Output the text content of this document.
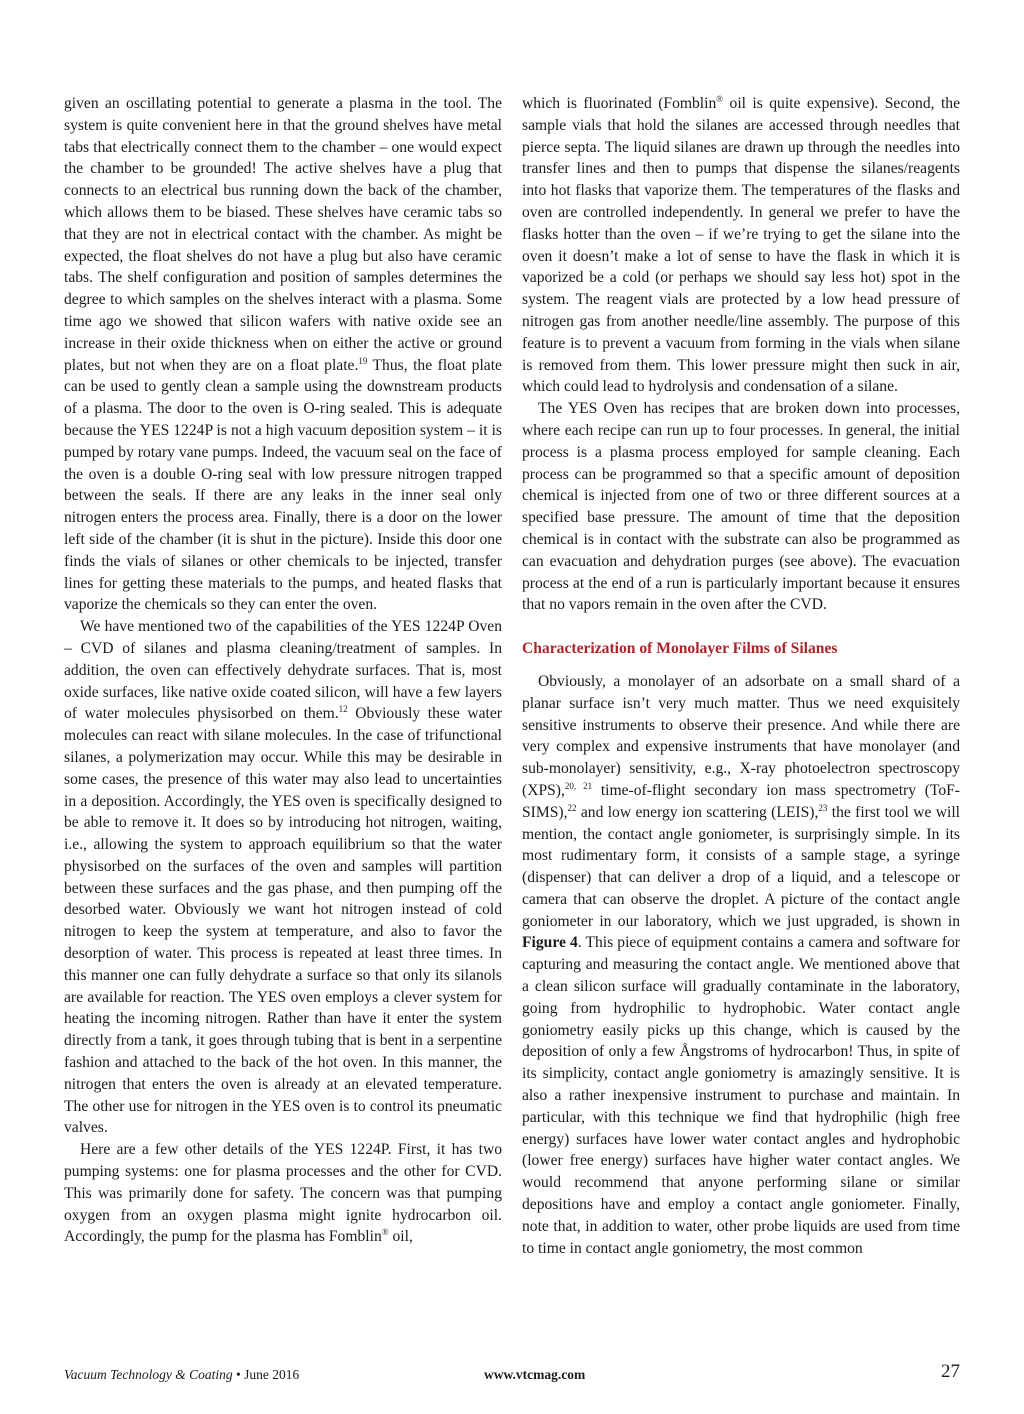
given an oscillating potential to generate a plasma in the tool. The system is quite convenient here in that the ground shelves have metal tabs that electrically connect them to the chamber – one would expect the chamber to be grounded! The active shelves have a plug that connects to an electrical bus running down the back of the chamber, which allows them to be biased. These shelves have ceramic tabs so that they are not in electrical contact with the chamber. As might be expected, the float shelves do not have a plug but also have ceramic tabs. The shelf configuration and position of samples determines the degree to which samples on the shelves interact with a plasma. Some time ago we showed that silicon wafers with native oxide see an increase in their oxide thickness when on either the active or ground plates, but not when they are on a float plate.$^{19}$ Thus, the float plate can be used to gently clean a sample using the downstream products of a plasma. The door to the oven is O-ring sealed. This is adequate because the YES 1224P is not a high vacuum deposition system – it is pumped by rotary vane pumps. Indeed, the vacuum seal on the face of the oven is a double O-ring seal with low pressure nitrogen trapped between the seals. If there are any leaks in the inner seal only nitrogen enters the process area. Finally, there is a door on the lower left side of the chamber (it is shut in the picture). Inside this door one finds the vials of silanes or other chemicals to be injected, transfer lines for getting these materials to the pumps, and heated flasks that vaporize the chemicals so they can enter the oven.

We have mentioned two of the capabilities of the YES 1224P Oven – CVD of silanes and plasma cleaning/treatment of samples. In addition, the oven can effectively dehydrate surfaces. That is, most oxide surfaces, like native oxide coated silicon, will have a few layers of water molecules physisorbed on them.$^{12}$ Obviously these water molecules can react with silane molecules. In the case of trifunctional silanes, a polymerization may occur. While this may be desirable in some cases, the presence of this water may also lead to uncertainties in a deposition. Accordingly, the YES oven is specifically designed to be able to remove it. It does so by introducing hot nitrogen, waiting, i.e., allowing the system to approach equilibrium so that the water physisorbed on the surfaces of the oven and samples will partition between these surfaces and the gas phase, and then pumping off the desorbed water. Obviously we want hot nitrogen instead of cold nitrogen to keep the system at temperature, and also to favor the desorption of water. This process is repeated at least three times. In this manner one can fully dehydrate a surface so that only its silanols are available for reaction. The YES oven employs a clever system for heating the incoming nitrogen. Rather than have it enter the system directly from a tank, it goes through tubing that is bent in a serpentine fashion and attached to the back of the hot oven. In this manner, the nitrogen that enters the oven is already at an elevated temperature. The other use for nitrogen in the YES oven is to control its pneumatic valves.

Here are a few other details of the YES 1224P. First, it has two pumping systems: one for plasma processes and the other for CVD. This was primarily done for safety. The concern was that pumping oxygen from an oxygen plasma might ignite hydrocarbon oil. Accordingly, the pump for the plasma has Fomblin® oil,

which is fluorinated (Fomblin® oil is quite expensive). Second, the sample vials that hold the silanes are accessed through needles that pierce septa. The liquid silanes are drawn up through the needles into transfer lines and then to pumps that dispense the silanes/reagents into hot flasks that vaporize them. The temperatures of the flasks and oven are controlled independently. In general we prefer to have the flasks hotter than the oven – if we’re trying to get the silane into the oven it doesn’t make a lot of sense to have the flask in which it is vaporized be a cold (or perhaps we should say less hot) spot in the system. The reagent vials are protected by a low head pressure of nitrogen gas from another needle/line assembly. The purpose of this feature is to prevent a vacuum from forming in the vials when silane is removed from them. This lower pressure might then suck in air, which could lead to hydrolysis and condensation of a silane.

The YES Oven has recipes that are broken down into processes, where each recipe can run up to four processes. In general, the initial process is a plasma process employed for sample cleaning. Each process can be programmed so that a specific amount of deposition chemical is injected from one of two or three different sources at a specified base pressure. The amount of time that the deposition chemical is in contact with the substrate can also be programmed as can evacuation and dehydration purges (see above). The evacuation process at the end of a run is particularly important because it ensures that no vapors remain in the oven after the CVD.

Characterization of Monolayer Films of Silanes

Obviously, a monolayer of an adsorbate on a small shard of a planar surface isn’t very much matter. Thus we need exquisitely sensitive instruments to observe their presence. And while there are very complex and expensive instruments that have monolayer (and sub-monolayer) sensitivity, e.g., X-ray photoelectron spectroscopy (XPS),$^{20, 21}$ time-of-flight secondary ion mass spectrometry (ToF-SIMS),$^{22}$ and low energy ion scattering (LEIS),$^{23}$ the first tool we will mention, the contact angle goniometer, is surprisingly simple. In its most rudimentary form, it consists of a sample stage, a syringe (dispenser) that can deliver a drop of a liquid, and a telescope or camera that can observe the droplet. A picture of the contact angle goniometer in our laboratory, which we just upgraded, is shown in Figure 4. This piece of equipment contains a camera and software for capturing and measuring the contact angle. We mentioned above that a clean silicon surface will gradually contaminate in the laboratory, going from hydrophilic to hydrophobic. Water contact angle goniometry easily picks up this change, which is caused by the deposition of only a few Ångstroms of hydrocarbon! Thus, in spite of its simplicity, contact angle goniometry is amazingly sensitive. It is also a rather inexpensive instrument to purchase and maintain. In particular, with this technique we find that hydrophilic (high free energy) surfaces have lower water contact angles and hydrophobic (lower free energy) surfaces have higher water contact angles. We would recommend that anyone performing silane or similar depositions have and employ a contact angle goniometer. Finally, note that, in addition to water, other probe liquids are used from time to time in contact angle goniometry, the most common

Vacuum Technology & Coating • June 2016	www.vtcmag.com	27
